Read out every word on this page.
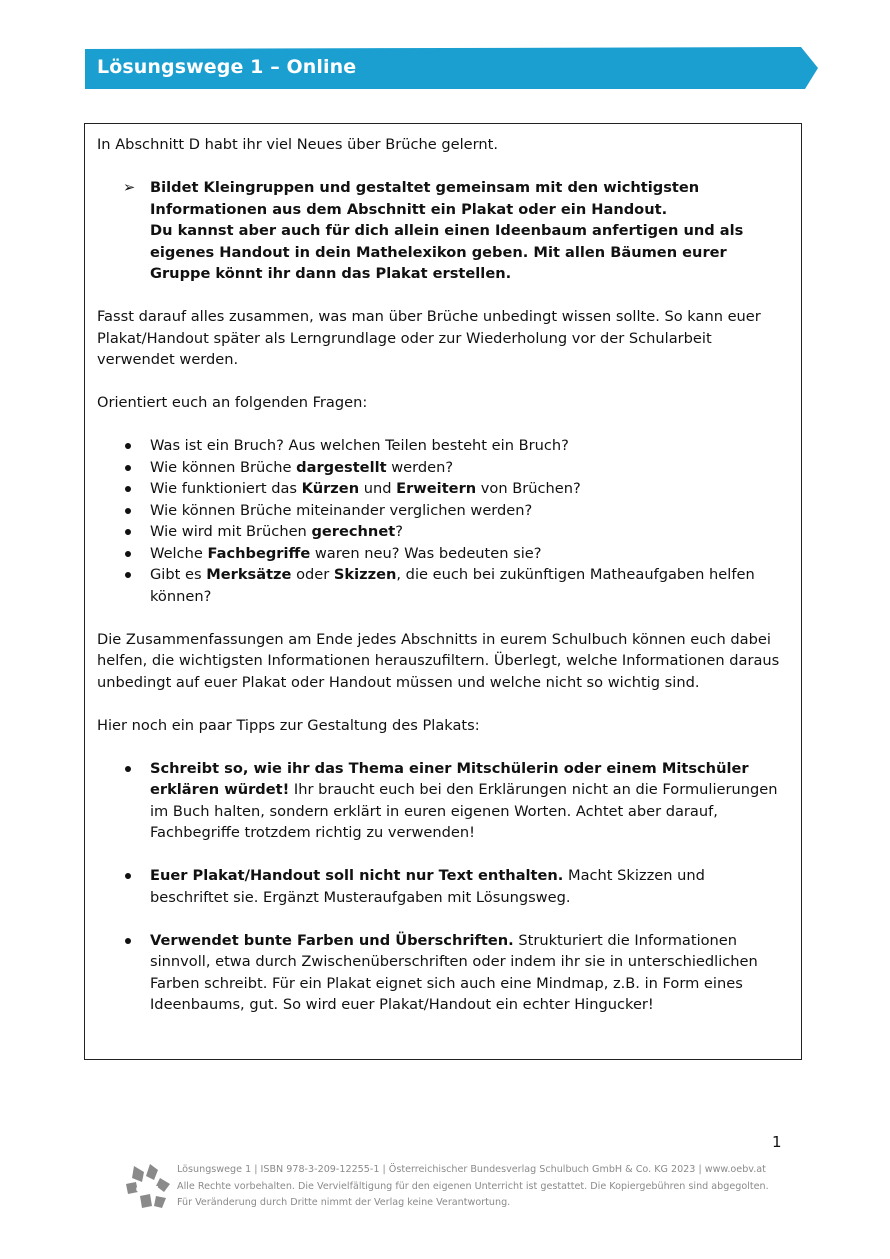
Lösungswege 1 – Online

In Abschnitt D habt ihr viel Neues über Brüche gelernt.

➢ Bildet Kleingruppen und gestaltet gemeinsam mit den wichtigsten Informationen aus dem Abschnitt ein Plakat oder ein Handout.

Du kannst aber auch für dich allein einen Ideenbaum anfertigen und als eigenes Handout in dein Mathelexikon geben. Mit allen Bäumen eurer Gruppe könnt ihr dann das Plakat erstellen.

Fasst darauf alles zusammen, was man über Brüche unbedingt wissen sollte. So kann euer Plakat/Handout später als Lerngrundlage oder zur Wiederholung vor der Schularbeit verwendet werden.

Orientiert euch an folgenden Fragen:

Was ist ein Bruch? Aus welchen Teilen besteht ein Bruch?
Wie können Brüche dargestellt werden?
Wie funktioniert das Kürzen und Erweitern von Brüchen?
Wie können Brüche miteinander verglichen werden?
Wie wird mit Brüchen gerechnet?
Welche Fachbegriffe waren neu? Was bedeuten sie?
Gibt es Merksätze oder Skizzen, die euch bei zukünftigen Matheaufgaben helfen können?

Die Zusammenfassungen am Ende jedes Abschnitts in eurem Schulbuch können euch dabei helfen, die wichtigsten Informationen herauszufiltern. Überlegt, welche Informationen daraus unbedingt auf euer Plakat oder Handout müssen und welche nicht so wichtig sind.

Hier noch ein paar Tipps zur Gestaltung des Plakats:

Schreibt so, wie ihr das Thema einer Mitschülerin oder einem Mitschüler erklären würdet! Ihr braucht euch bei den Erklärungen nicht an die Formulierungen im Buch halten, sondern erklärt in euren eigenen Worten. Achtet aber darauf, Fachbegriffe trotzdem richtig zu verwenden!
Euer Plakat/Handout soll nicht nur Text enthalten. Macht Skizzen und beschriftet sie. Ergänzt Musteraufgaben mit Lösungsweg.
Verwendet bunte Farben und Überschriften. Strukturiert die Informationen sinnvoll, etwa durch Zwischenüberschriften oder indem ihr sie in unterschiedlichen Farben schreibt. Für ein Plakat eignet sich auch eine Mindmap, z.B. in Form eines Ideenbaums, gut. So wird euer Plakat/Handout ein echter Hingucker!
1
öbv
Lösungswege 1 | ISBN 978-3-209-12255-1 | Österreichischer Bundesverlag Schulbuch GmbH & Co. KG 2023 | www.oebv.at
Alle Rechte vorbehalten. Die Vervielfältigung für den eigenen Unterricht ist gestattet. Die Kopiergebühren sind abgegolten.
Für Veränderung durch Dritte nimmt der Verlag keine Verantwortung.
